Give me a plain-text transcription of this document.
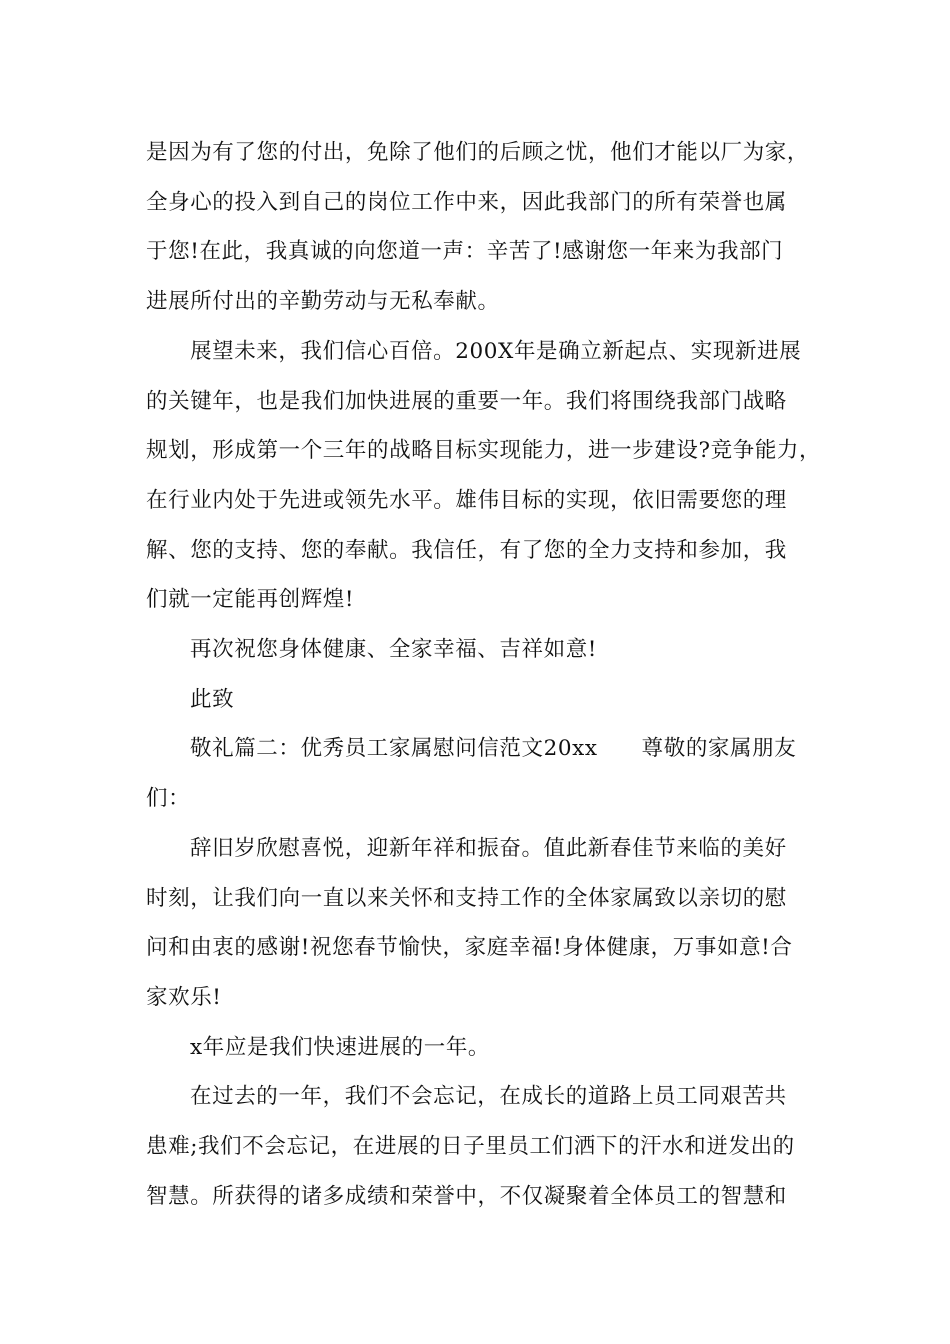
是因为有了您的付出，免除了他们的后顾之忧，他们才能以厂为家，
全身心的投入到自己的岗位工作中来，因此我部门的所有荣誉也属
于您!在此，我真诚的向您道一声：辛苦了!感谢您一年来为我部门
进展所付出的辛勤劳动与无私奉献。
展望未来，我们信心百倍。200X年是确立新起点、实现新进展
的关键年，也是我们加快进展的重要一年。我们将围绕我部门战略
规划，形成第一个三年的战略目标实现能力，进一步建设?竞争能力，
在行业内处于先进或领先水平。雄伟目标的实现，依旧需要您的理
解、您的支持、您的奉献。我信任，有了您的全力支持和参加，我
们就一定能再创辉煌!
再次祝您身体健康、全家幸福、吉祥如意!
此致
敬礼篇二：优秀员工家属慰问信范文20xx 尊敬的家属朋友
们：
辞旧岁欣慰喜悦，迎新年祥和振奋。值此新春佳节来临的美好
时刻，让我们向一直以来关怀和支持工作的全体家属致以亲切的慰
问和由衷的感谢!祝您春节愉快，家庭幸福!身体健康，万事如意!合
家欢乐!
x年应是我们快速进展的一年。
在过去的一年，我们不会忘记，在成长的道路上员工同艰苦共
患难;我们不会忘记，在进展的日子里员工们洒下的汗水和迸发出的
智慧。所获得的诸多成绩和荣誉中，不仅凝聚着全体员工的智慧和
